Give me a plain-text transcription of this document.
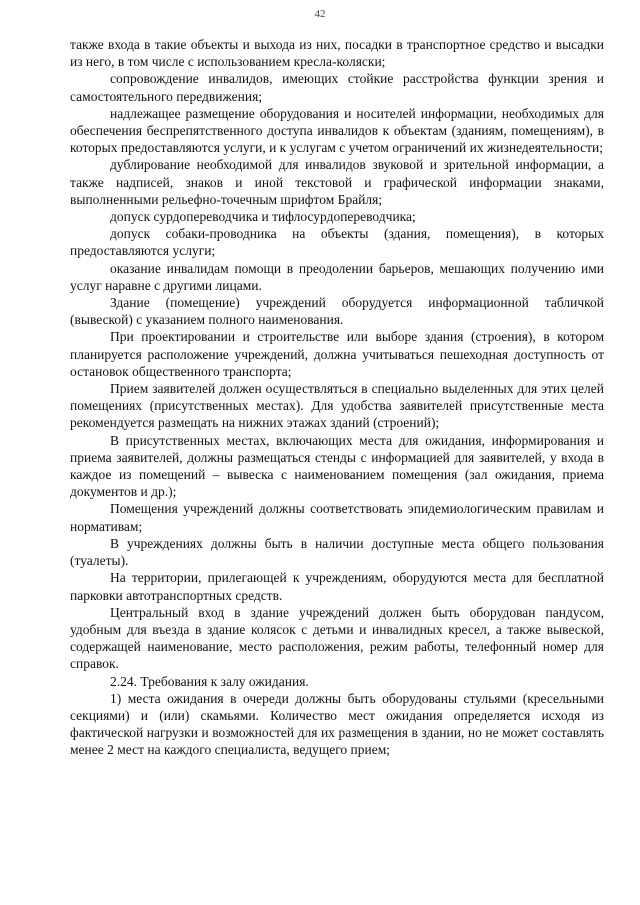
42

также входа в такие объекты и выхода из них, посадки в транспортное средство и высадки из него, в том числе с использованием кресла-коляски;

сопровождение инвалидов, имеющих стойкие расстройства функции зрения и самостоятельного передвижения;

надлежащее размещение оборудования и носителей информации, необходимых для обеспечения беспрепятственного доступа инвалидов к объектам (зданиям, помещениям), в которых предоставляются услуги, и к услугам с учетом ограничений их жизнедеятельности;

дублирование необходимой для инвалидов звуковой и зрительной информации, а также надписей, знаков и иной текстовой и графической информации знаками, выполненными рельефно-точечным шрифтом Брайля;

допуск сурдопереводчика и тифлосурдопереводчика;

допуск собаки-проводника на объекты (здания, помещения), в которых предоставляются услуги;

оказание инвалидам помощи в преодолении барьеров, мешающих получению ими услуг наравне с другими лицами.

Здание (помещение) учреждений оборудуется информационной табличкой (вывеской) с указанием полного наименования.

При проектировании и строительстве или выборе здания (строения), в котором планируется расположение учреждений, должна учитываться пешеходная доступность от остановок общественного транспорта;

Прием заявителей должен осуществляться в специально выделенных для этих целей помещениях (присутственных местах). Для удобства заявителей присутственные места рекомендуется размещать на нижних этажах зданий (строений);

В присутственных местах, включающих места для ожидания, информирования и приема заявителей, должны размещаться стенды с информацией для заявителей, у входа в каждое из помещений – вывеска с наименованием помещения (зал ожидания, приема документов и др.);

Помещения учреждений должны соответствовать эпидемиологическим правилам и нормативам;

В учреждениях должны быть в наличии доступные места общего пользования (туалеты).

На территории, прилегающей к учреждениям, оборудуются места для бесплатной парковки автотранспортных средств.

Центральный вход в здание учреждений должен быть оборудован пандусом, удобным для въезда в здание колясок с детьми и инвалидных кресел, а также вывеской, содержащей наименование, место расположения, режим работы, телефонный номер для справок.

2.24. Требования к залу ожидания.

1) места ожидания в очереди должны быть оборудованы стульями (кресельными секциями) и (или) скамьями. Количество мест ожидания определяется исходя из фактической нагрузки и возможностей для их размещения в здании, но не может составлять менее 2 мест на каждого специалиста, ведущего прием;
